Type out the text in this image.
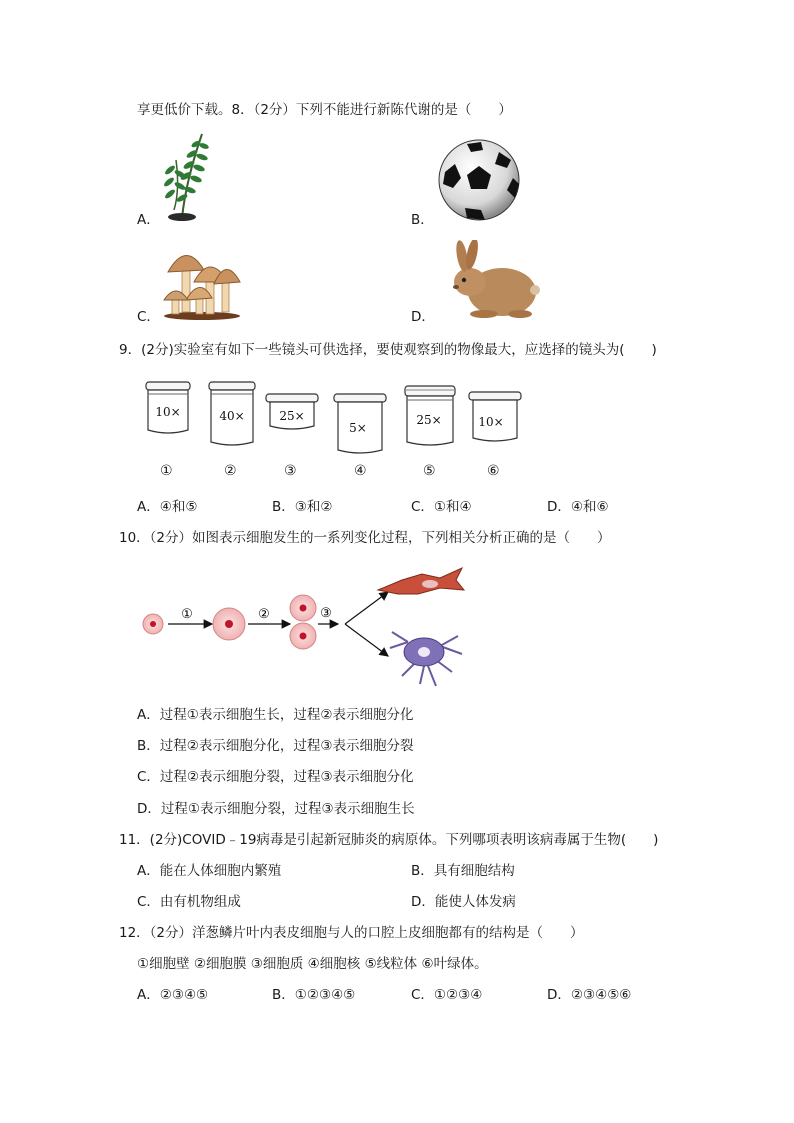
享更低价下载。8．（2分）下列不能进行新陈代谢的是（　　）
A．	B．
C．	D．
9．(2分)实验室有如下一些镜头可供选择，要使观察到的物像最大，应选择的镜头为(　　)
10×	40×	25×
5×
25×	10×
①	②	③	④	⑤	⑥
A．④和⑤	B．③和②	C．①和④	D．④和⑥
10．（2分）如图表示细胞发生的一系列变化过程，下列相关分析正确的是（　　）
①	②	③
A．过程①表示细胞生长，过程②表示细胞分化
B．过程②表示细胞分化，过程③表示细胞分裂
C．过程②表示细胞分裂，过程③表示细胞分化
D．过程①表示细胞分裂，过程③表示细胞生长
11．(2分)COVID﹣19病毒是引起新冠肺炎的病原体。下列哪项表明该病毒属于生物(　　)
A．能在人体细胞内繁殖	B．具有细胞结构
C．由有机物组成	D．能使人体发病
12．（2分）洋葱鳞片叶内表皮细胞与人的口腔上皮细胞都有的结构是（　　）
①细胞壁 ②细胞膜 ③细胞质 ④细胞核 ⑤线粒体 ⑥叶绿体。
A．②③④⑤	B．①②③④⑤	C．①②③④	D．②③④⑤⑥
